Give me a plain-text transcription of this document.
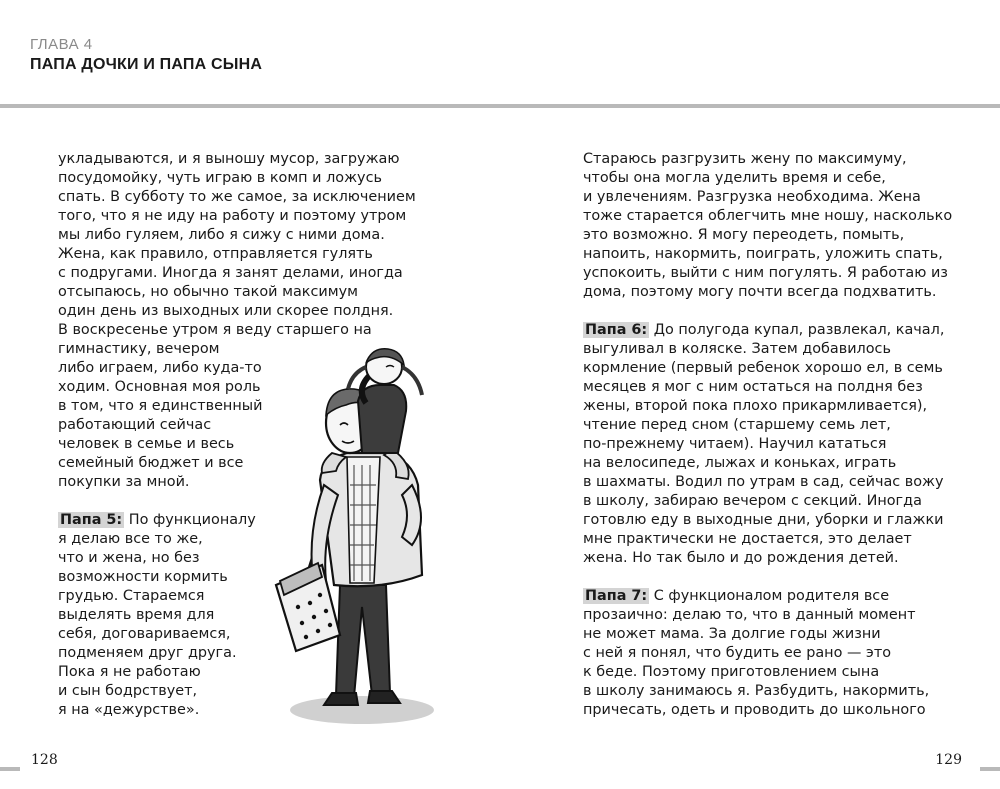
ГЛАВА 4
ПАПА ДОЧКИ И ПАПА СЫНА
укладываются, и я выношу мусор, загружаю
посудомойку, чуть играю в комп и ложусь
спать. В субботу то же самое, за исключением
того, что я не иду на работу и поэтому утром
мы либо гуляем, либо я сижу с ними дома.
Жена, как правило, отправляется гулять
с подругами. Иногда я занят делами, иногда
отсыпаюсь, но обычно такой максимум
один день из выходных или скорее полдня.
В воскресенье утром я веду старшего на
гимнастику, вечером
либо играем, либо куда-то
ходим. Основная моя роль
в том, что я единственный
работающий сейчас
человек в семье и весь
семейный бюджет и все
покупки за мной.
Папа 5: По функционалу
я делаю все то же,
что и жена, но без
возможности кормить
грудью. Стараемся
выделять время для
себя, договариваемся,
подменяем друг друга.
Пока я не работаю
и сын бодрствует,
я на «дежурстве».
Стараюсь разгрузить жену по максимуму,
чтобы она могла уделить время и себе,
и увлечениям. Разгрузка необходима. Жена
тоже старается облегчить мне ношу, насколько
это возможно. Я могу переодеть, помыть,
напоить, накормить, поиграть, уложить спать,
успокоить, выйти с ним погулять. Я работаю из
дома, поэтому могу почти всегда подхватить.
Папа 6: До полугода купал, развлекал, качал,
выгуливал в коляске. Затем добавилось
кормление (первый ребенок хорошо ел, в семь
месяцев я мог с ним остаться на полдня без
жены, второй пока плохо прикармливается),
чтение перед сном (старшему семь лет,
по-прежнему читаем). Научил кататься
на велосипеде, лыжах и коньках, играть
в шахматы. Водил по утрам в сад, сейчас вожу
в школу, забираю вечером с секций. Иногда
готовлю еду в выходные дни, уборки и глажки
мне практически не достается, это делает
жена. Но так было и до рождения детей.
Папа 7: С функционалом родителя все
прозаично: делаю то, что в данный момент
не может мама. За долгие годы жизни
с ней я понял, что будить ее рано — это
к беде. Поэтому приготовлением сына
в школу занимаюсь я. Разбудить, накормить,
причесать, одеть и проводить до школьного
128	129
